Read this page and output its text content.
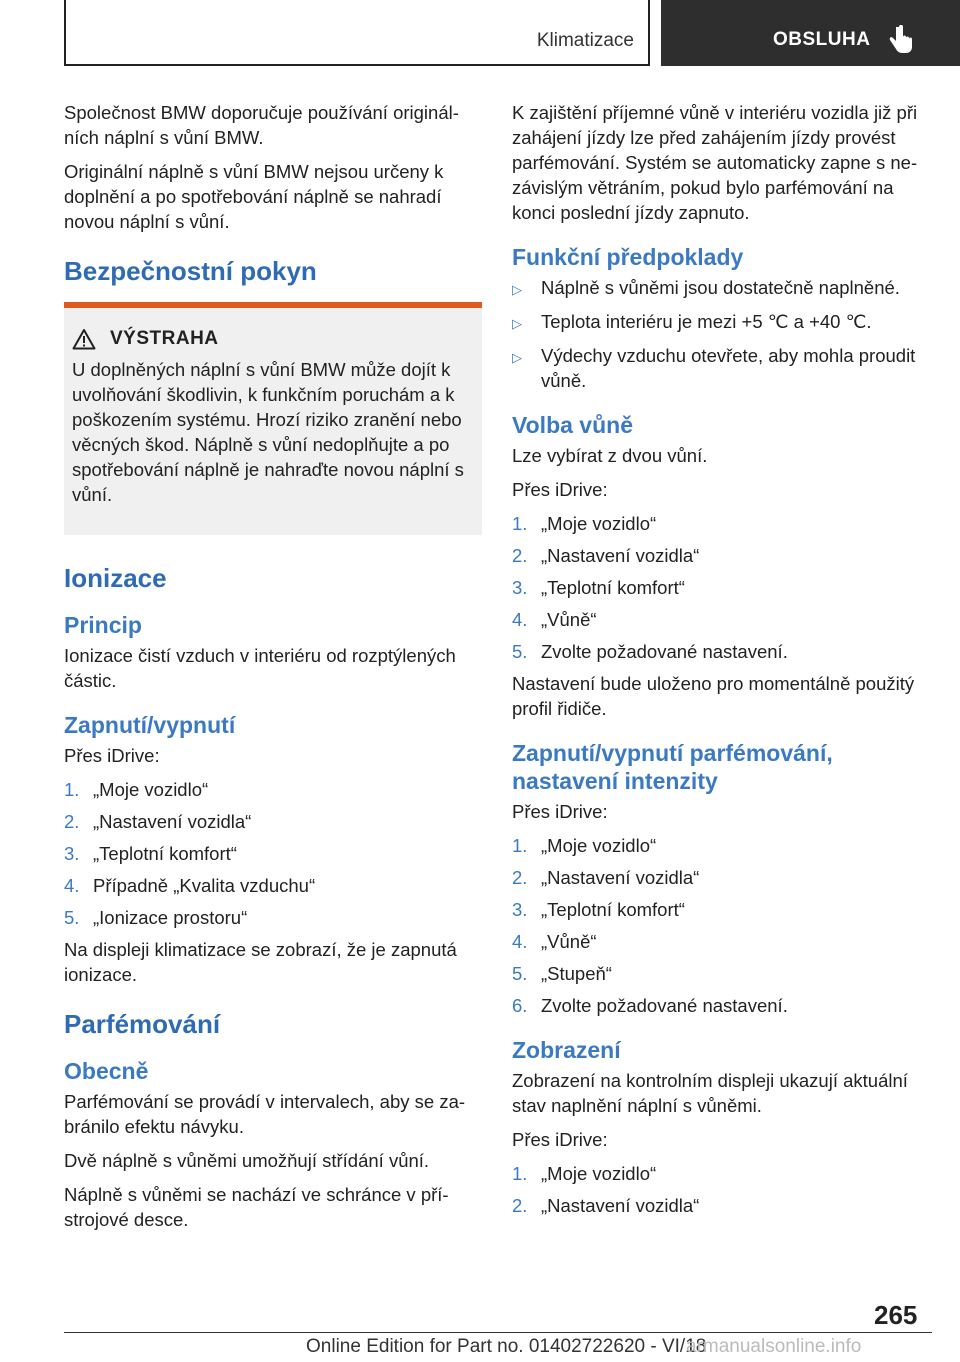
Klimatizace	OBSLUHA

Společnost BMW doporučuje používání originálních náplní s vůní BMW.

Originální náplně s vůní BMW nejsou určeny k doplnění a po spotřebování náplně se nahradí novou náplní s vůní.

Bezpečnostní pokyn
VÝSTRAHA
U doplněných náplní s vůní BMW může dojít k uvolňování škodlivin, k funkčním poruchám a k poškozením systému. Hrozí riziko zranění nebo věcných škod. Náplně s vůní nedoplňujte a po spotřebování náplně je nahraďte novou náplní s vůní.
Ionizace
Princip

Ionizace čistí vzduch v interiéru od rozptýlených částic.

Zapnutí/vypnutí

Přes iDrive:

1. „Moje vozidlo“
2. „Nastavení vozidla“
3. „Teplotní komfort“
4. Případně „Kvalita vzduchu“
5. „Ionizace prostoru“

Na displeji klimatizace se zobrazí, že je zapnutá ionizace.

Parfémování
Obecně

Parfémování se provádí v intervalech, aby se zabránilo efektu návyku.

Dvě náplně s vůněmi umožňují střídání vůní.

Náplně s vůněmi se nachází ve schránce v přístrojové desce.

K zajištění příjemné vůně v interiéru vozidla již při zahájení jízdy lze před zahájením jízdy provést parfémování. Systém se automaticky zapne s nezávislým větráním, pokud bylo parfémování na konci poslední jízdy zapnuto.

Funkční předpoklady
▷	Náplně s vůněmi jsou dostatečně naplněné.
▷	Teplota interiéru je mezi +5 ℃ a +40 ℃.
▷	Výdechy vzduchu otevřete, aby mohla proudit vůně.
Volba vůně

Lze vybírat z dvou vůní.

Přes iDrive:

1. „Moje vozidlo“
2. „Nastavení vozidla“
3. „Teplotní komfort“
4. „Vůně“
5. Zvolte požadované nastavení.

Nastavení bude uloženo pro momentálně použitý profil řidiče.

Zapnutí/vypnutí parfémování, nastavení intenzity

Přes iDrive:

1. „Moje vozidlo“
2. „Nastavení vozidla“
3. „Teplotní komfort“
4. „Vůně“
5. „Stupeň“
6. Zvolte požadované nastavení.
Zobrazení

Zobrazení na kontrolním displeji ukazují aktuální stav naplnění náplní s vůněmi.

Přes iDrive:

1. „Moje vozidlo“
2. „Nastavení vozidla“
265
Online Edition for Part no. 01402722620 - VI/18
armanualsonline.info
